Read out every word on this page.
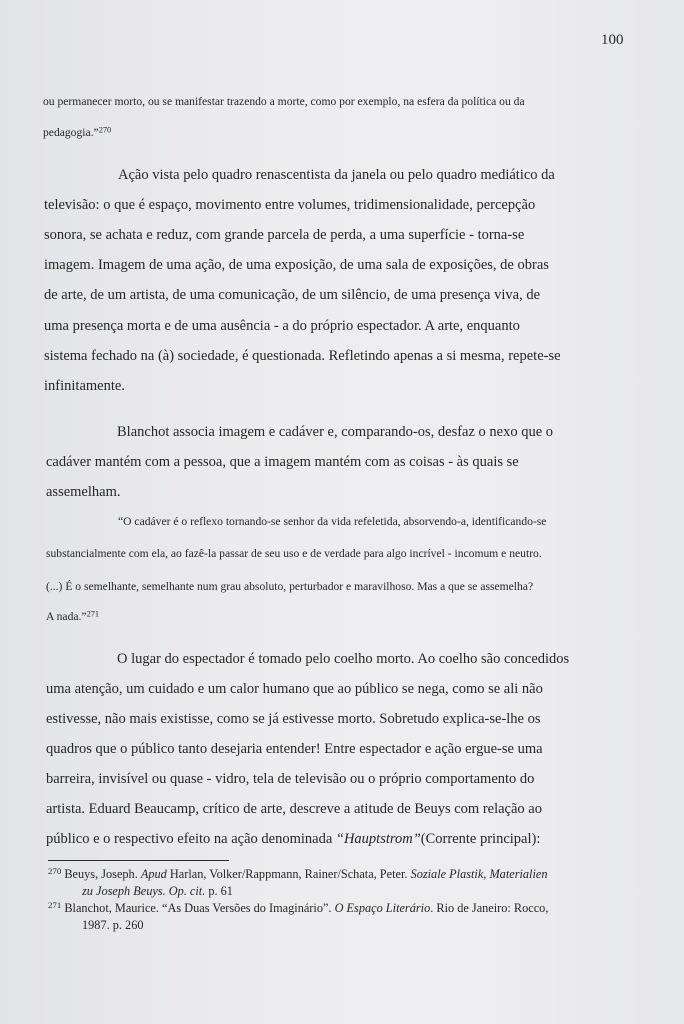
100
ou permanecer morto, ou se manifestar trazendo a morte, como por exemplo, na esfera da política ou da
pedagogia.”$^{270}$
Ação vista pelo quadro renascentista da janela ou pelo quadro mediático da
televisão: o que é espaço, movimento entre volumes, tridimensionalidade, percepção
sonora, se achata e reduz, com grande parcela de perda, a uma superfície - torna-se
imagem. Imagem de uma ação, de uma exposição, de uma sala de exposições, de obras
de arte, de um artista, de uma comunicação, de um silêncio, de uma presença viva, de
uma presença morta e de uma ausência - a do próprio espectador. A arte, enquanto
sistema fechado na (à) sociedade, é questionada. Refletindo apenas a si mesma, repete-se
infinitamente.
Blanchot associa imagem e cadáver e, comparando-os, desfaz o nexo que o
cadáver mantém com a pessoa, que a imagem mantém com as coisas - às quais se
assemelham.
“O cadáver é o reflexo tornando-se senhor da vida refeletida, absorvendo-a, identificando-se
substancialmente com ela, ao fazê-la passar de seu uso e de verdade para algo incrível - incomum e neutro.
(...) É o semelhante, semelhante num grau absoluto, perturbador e maravilhoso. Mas a que se assemelha?
A nada.”$^{271}$
O lugar do espectador é tomado pelo coelho morto. Ao coelho são concedidos
uma atenção, um cuidado e um calor humano que ao público se nega, como se ali não
estivesse, não mais existisse, como se já estivesse morto. Sobretudo explica-se-lhe os
quadros que o público tanto desejaria entender! Entre espectador e ação ergue-se uma
barreira, invisível ou quase - vidro, tela de televisão ou o próprio comportamento do
artista. Eduard Beaucamp, crítico de arte, descreve a atitude de Beuys com relação ao
público e o respectivo efeito na ação denominada “Hauptstrom”(Corrente principal):
$^{270}$ Beuys, Joseph. Apud Harlan, Volker/Rappmann, Rainer/Schata, Peter. Soziale Plastik, Materialien
zu Joseph Beuys. Op. cit. p. 61
$^{271}$ Blanchot, Maurice. “As Duas Versões do Imaginário”. O Espaço Literário. Rio de Janeiro: Rocco,
1987. p. 260
